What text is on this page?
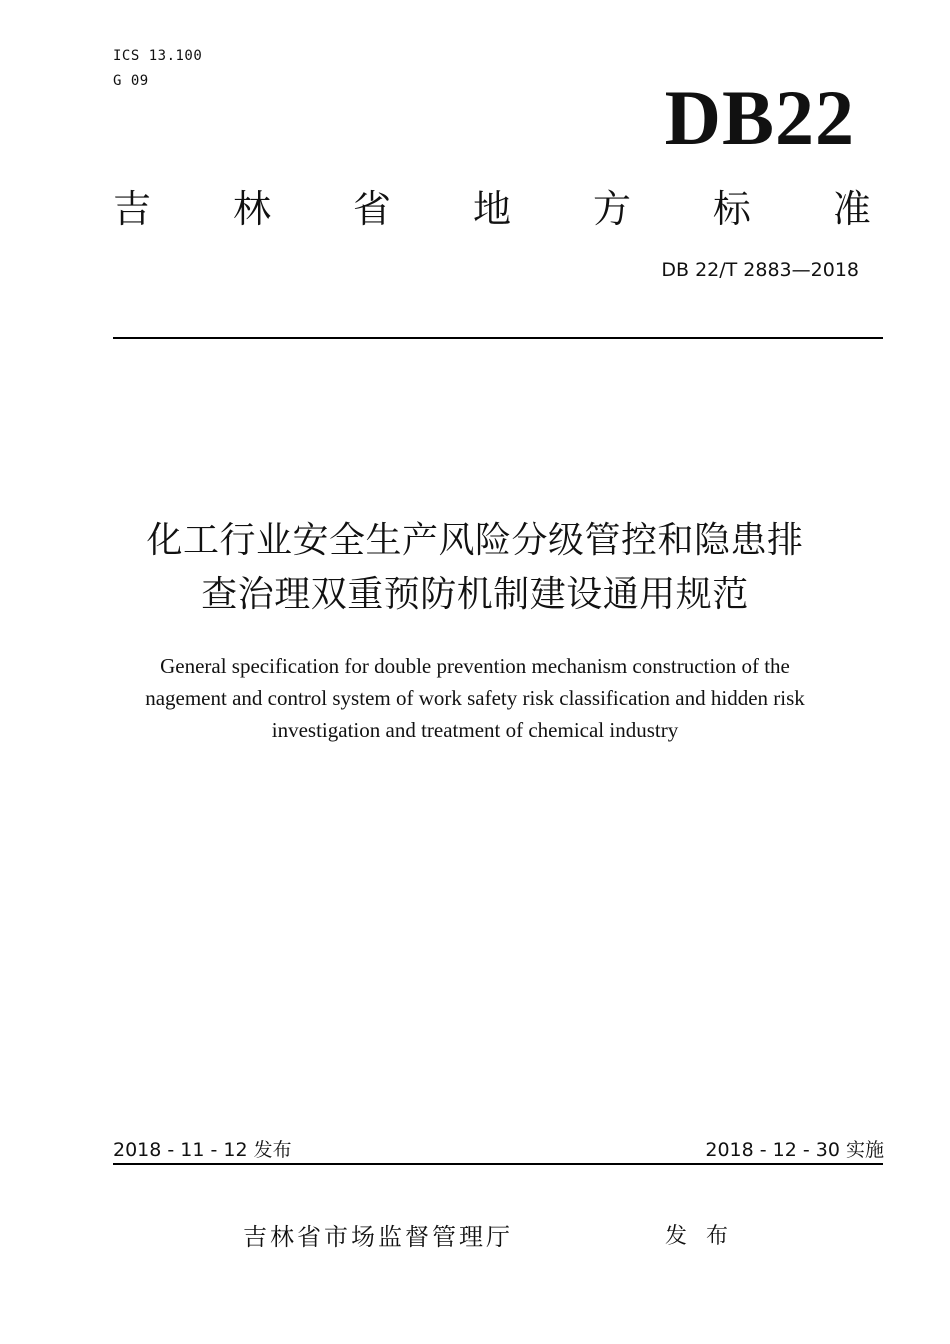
ICS 13.100
G 09	DB22
吉 林 省 地 方 标 准
DB 22/T 2883—2018
化工行业安全生产风险分级管控和隐患排
查治理双重预防机制建设通用规范
General specification for double prevention mechanism construction of the
nagement and control system of work safety risk classification and hidden risk
investigation and treatment of chemical industry
2018 - 11 - 12 发布	2018 - 12 - 30 实施
吉林省市场监督管理厅	发 布
